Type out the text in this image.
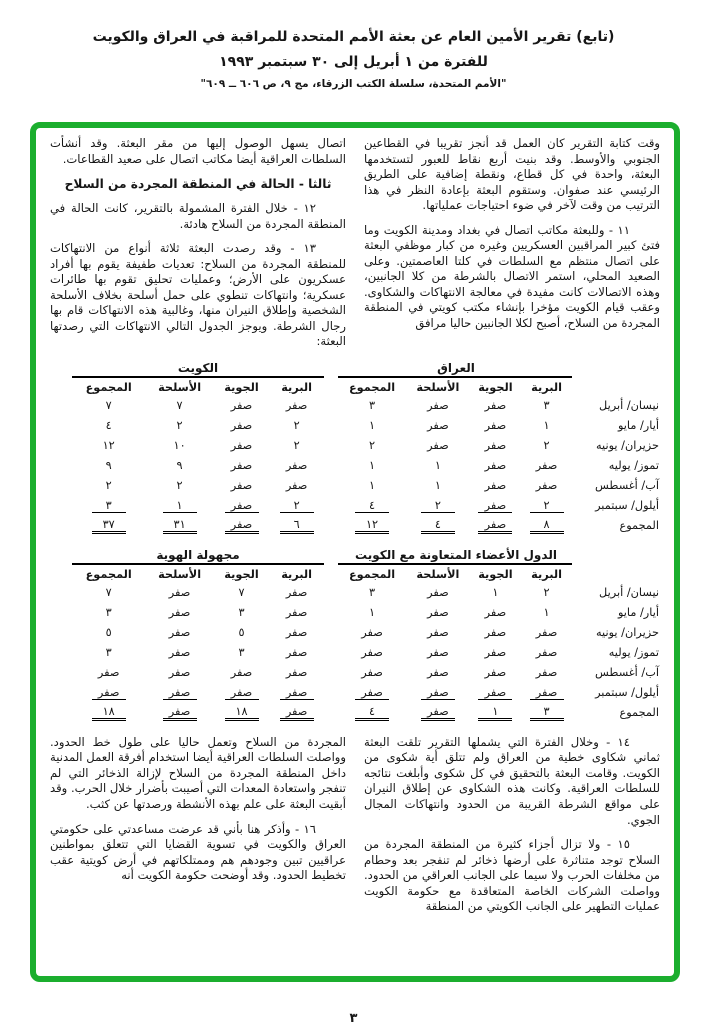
(تابع) تقرير الأمين العام عن بعثة الأمم المتحدة للمراقبة في العراق والكويت
للفترة من ١ أبريل إلى ٣٠ سبتمبر ١٩٩٣
"الأمم المتحدة، سلسلة الكتب الزرقاء، مج ٩، ص ٦٠٦ ــ ٦٠٩"

وقت كتابة التقرير كان العمل قد أنجز تقريبا في القطاعين الجنوبي والأوسط. وقد بنيت أربع نقاط للعبور لتستخدمها البعثة، واحدة في كل قطاع، ونقطة إضافية على الطريق الرئيسي عند صفوان. وستقوم البعثة بإعادة النظر في هذا الترتيب من وقت لآخر في ضوء احتياجات عملياتها.

١١ - وللبعثة مكاتب اتصال في بغداد ومدينة الكويت وما فتئ كبير المراقبين العسكريين وغيره من كبار موظفي البعثة على اتصال منتظم مع السلطات في كلتا العاصمتين. وعلى الصعيد المحلي، استمر الاتصال بالشرطة من كلا الجانبين، وهذه الاتصالات كانت مفيدة في معالجة الانتهاكات والشكاوى. وعقب قيام الكويت مؤخرا بإنشاء مكتب كويتي في المنطقة المجردة من السلاح، أصبح لكلا الجانبين حاليا مرافق

اتصال يسهل الوصول إليها من مقر البعثة. وقد أنشأت السلطات العراقية أيضا مكاتب اتصال على صعيد القطاعات.

ثالثا - الحالة في المنطقة المجردة من السلاح

١٢ - خلال الفترة المشمولة بالتقرير، كانت الحالة في المنطقة المجردة من السلاح هادئة.

١٣ - وقد رصدت البعثة ثلاثة أنواع من الانتهاكات للمنطقة المجردة من السلاح: تعديات طفيفة يقوم بها أفراد عسكريون على الأرض؛ وعمليات تحليق تقوم بها طائرات عسكرية؛ وانتهاكات تنطوي على حمل أسلحة بخلاف الأسلحة الشخصية وإطلاق النيران منها، وغالبية هذه الانتهاكات قام بها رجال الشرطة. ويوجز الجدول التالي الانتهاكات التي رصدتها البعثة:

العراق
	البرية	الجوية	الأسلحة	المجموع
نيسان/ أبريل	٣	صفر	صفر	٣
أيار/ مايو	١	صفر	صفر	١
حزيران/ يونيه	٢	صفر	صفر	٢
تموز/ يوليه	صفر	صفر	١	١
آب/ أغسطس	صفر	صفر	١	١
أيلول/ سبتمبر	٢	صفر	٢	٤
المجموع	٨	صفر	٤	١٢
الكويت
البرية	الجوية	الأسلحة	المجموع
صفر	صفر	٧	٧
٢	صفر	٢	٤
٢	صفر	١٠	١٢
صفر	صفر	٩	٩
صفر	صفر	٢	٢
٢	صفر	١	٣
٦	صفر	٣١	٣٧
الدول الأعضاء المتعاونة مع الكويت
	البرية	الجوية	الأسلحة	المجموع
نيسان/ أبريل	٢	١	صفر	٣
أيار/ مايو	١	صفر	صفر	١
حزيران/ يونيه	صفر	صفر	صفر	صفر
تموز/ يوليه	صفر	صفر	صفر	صفر
آب/ أغسطس	صفر	صفر	صفر	صفر
أيلول/ سبتمبر	صفر	صفر	صفر	صفر
المجموع	٣	١	صفر	٤
مجهولة الهوية
البرية	الجوية	الأسلحة	المجموع
صفر	٧	صفر	٧
صفر	٣	صفر	٣
صفر	٥	صفر	٥
صفر	٣	صفر	٣
صفر	صفر	صفر	صفر
صفر	صفر	صفر	صفر
صفر	١٨	صفر	١٨

١٤ - وخلال الفترة التي يشملها التقرير تلقت البعثة ثماني شكاوى خطية من العراق ولم تتلق أية شكوى من الكويت. وقامت البعثة بالتحقيق في كل شكوى وأبلغت نتائجه للسلطات العراقية. وكانت هذه الشكاوى عن إطلاق النيران على مواقع الشرطة القريبة من الحدود وانتهاكات المجال الجوي.

١٥ - ولا تزال أجزاء كثيرة من المنطقة المجردة من السلاح توجد متناثرة على أرضها ذخائر لم تنفجر بعد وحطام من مخلفات الحرب ولا سيما على الجانب العراقي من الحدود. وواصلت الشركات الخاصة المتعاقدة مع حكومة الكويت عمليات التطهير على الجانب الكويتي من المنطقة

المجردة من السلاح وتعمل حاليا على طول خط الحدود. وواصلت السلطات العراقية أيضا استخدام أفرقة العمل المدنية داخل المنطقة المجردة من السلاح لإزالة الذخائر التي لم تنفجر واستعادة المعدات التي أصيبت بأضرار خلال الحرب. وقد أبقيت البعثة على علم بهذه الأنشطة ورصدتها عن كثب.

١٦ - وأذكر هنا بأني قد عرضت مساعدتي على حكومتي العراق والكويت في تسوية القضايا التي تتعلق بمواطنين عراقيين تبين وجودهم هم وممتلكاتهم في أرض كويتية عقب تخطيط الحدود. وقد أوضحت حكومة الكويت أنه

٣
